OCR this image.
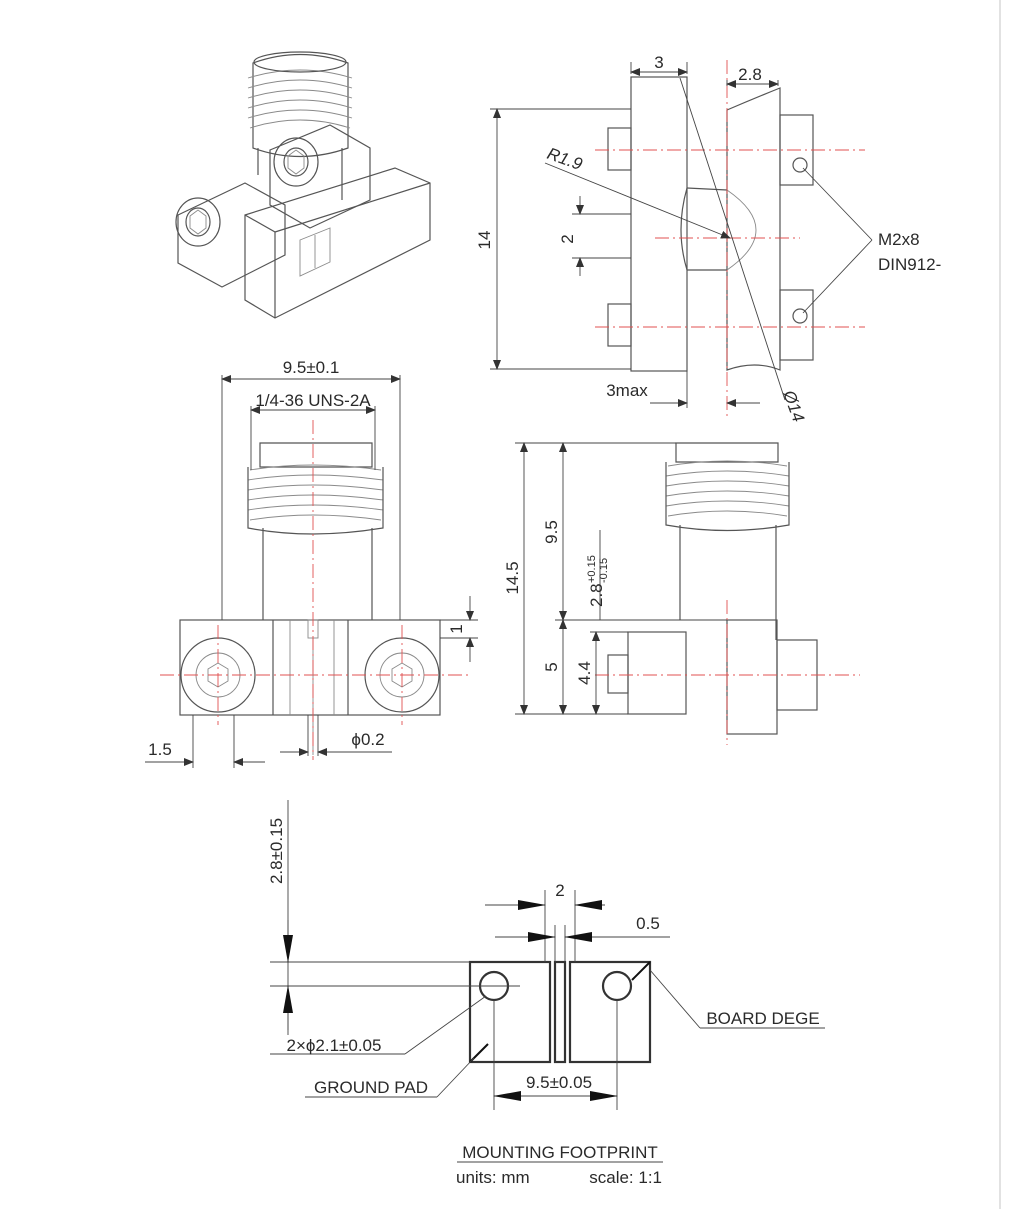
3
2.8
R1.9
14	2	M2x8
DIN912-
3max	Ø14
9.5±0.1
1/4-36 UNS-2A
1
1.5
ϕ0.2
14.5
9.5
2.8
+0.15 -0.15
5 4.4
2.8±0.15
2
0.5
2×ϕ2.1±0.05
BOARD DEGE
GROUND PAD	9.5±0.05
MOUNTING FOOTPRINT
units: mm	scale: 1:1
